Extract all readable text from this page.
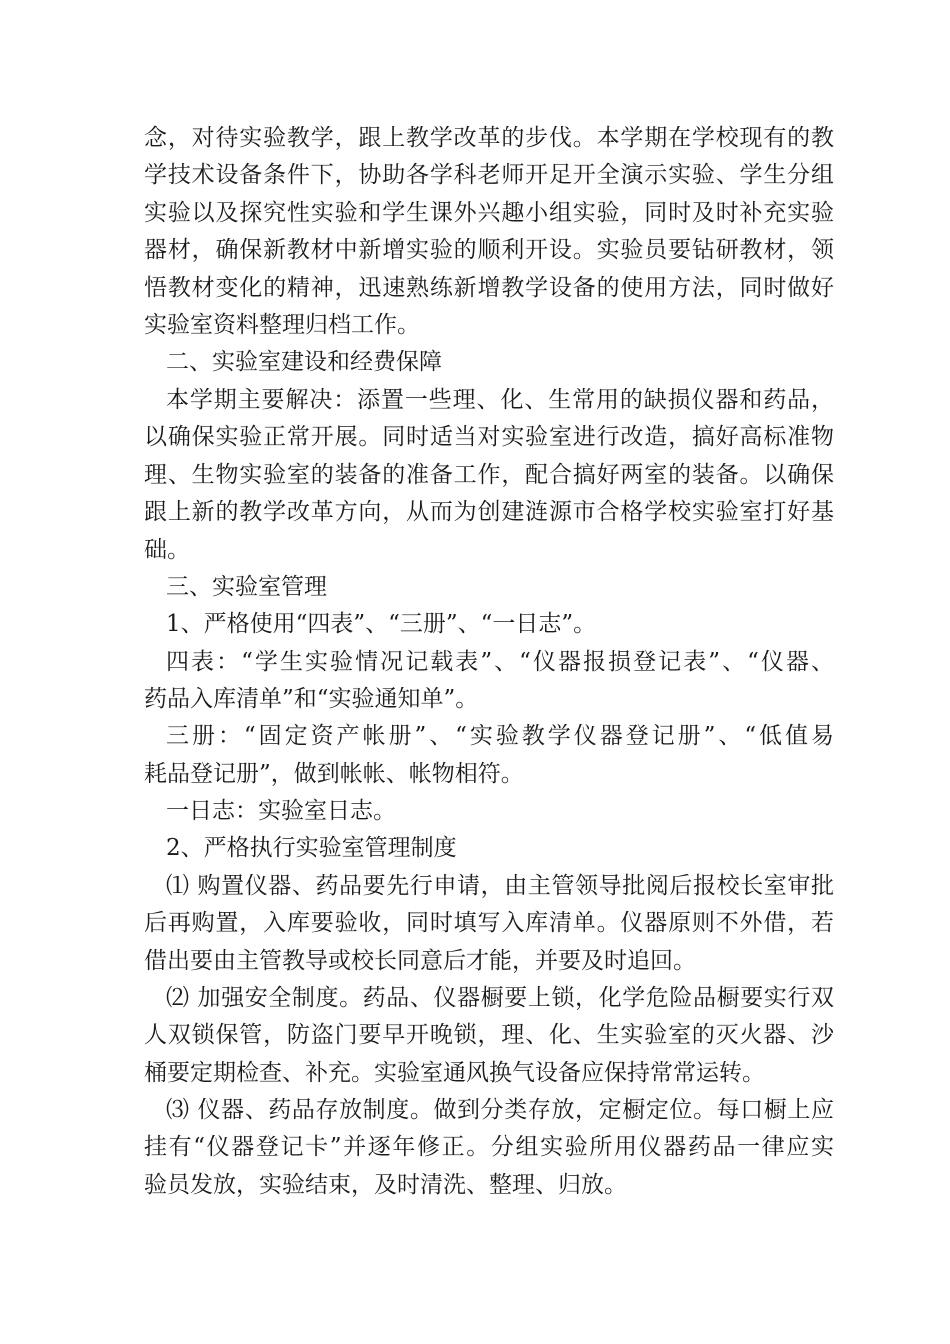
念，对待实验教学，跟上教学改革的步伐。本学期在学校现有的教
学技术设备条件下，协助各学科老师开足开全演示实验、学生分组
实验以及探究性实验和学生课外兴趣小组实验，同时及时补充实验
器材，确保新教材中新增实验的顺利开设。实验员要钻研教材，领
悟教材变化的精神，迅速熟练新增教学设备的使用方法，同时做好
实验室资料整理归档工作。
二、实验室建设和经费保障
本学期主要解决：添置一些理、化、生常用的缺损仪器和药品，
以确保实验正常开展。同时适当对实验室进行改造，搞好高标准物
理、生物实验室的装备的准备工作，配合搞好两室的装备。以确保
跟上新的教学改革方向，从而为创建涟源市合格学校实验室打好基
础。
三、实验室管理
1、严格使用“四表”、“三册”、“一日志”。
四表：“学生实验情况记载表”、“仪器报损登记表”、“仪器、
药品入库清单”和“实验通知单”。
三册：“固定资产帐册”、“实验教学仪器登记册”、“低值易
耗品登记册”，做到帐帐、帐物相符。
一日志：实验室日志。
2、严格执行实验室管理制度
⑴ 购置仪器、药品要先行申请，由主管领导批阅后报校长室审批
后再购置，入库要验收，同时填写入库清单。仪器原则不外借，若
借出要由主管教导或校长同意后才能，并要及时追回。
⑵ 加强安全制度。药品、仪器橱要上锁，化学危险品橱要实行双
人双锁保管，防盗门要早开晚锁，理、化、生实验室的灭火器、沙
桶要定期检查、补充。实验室通风换气设备应保持常常运转。
⑶ 仪器、药品存放制度。做到分类存放，定橱定位。每口橱上应
挂有“仪器登记卡”并逐年修正。分组实验所用仪器药品一律应实
验员发放，实验结束，及时清洗、整理、归放。
